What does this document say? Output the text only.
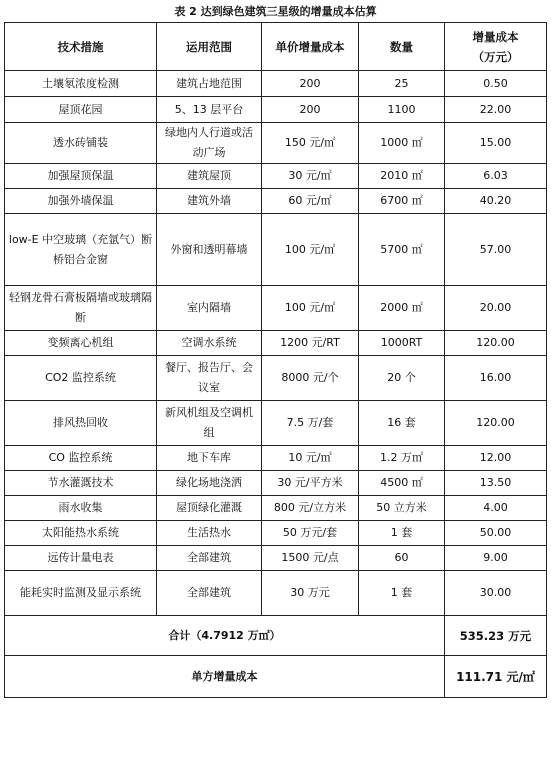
表 2 达到绿色建筑三星级的增量成本估算
技术措施	运用范围	单价增量成本	数量	增量成本
（万元）

土壤氡浓度检测	建筑占地范围	200	25	0.50
屋顶花园	5、13 层平台	200	1100	22.00
透水砖铺装	绿地内人行道或活动广场	150 元/㎡	1000 ㎡	15.00
加强屋顶保温	建筑屋顶	30 元/㎡	2010 ㎡	6.03
加强外墙保温	建筑外墙	60 元/㎡	6700 ㎡	40.20
low-E 中空玻璃（充氩气）断桥铝合金窗	外窗和透明幕墙	100 元/㎡	5700 ㎡	57.00
轻钢龙骨石膏板隔墙或玻璃隔断	室内隔墙	100 元/㎡	2000 ㎡	20.00
变频离心机组	空调水系统	1200 元/RT	1000RT	120.00
CO2 监控系统	餐厅、报告厅、会议室	8000 元/个	20 个	16.00
排风热回收	新风机组及空调机组	7.5 万/套	16 套	120.00
CO 监控系统	地下车库	10 元/㎡	1.2 万㎡	12.00
节水灌溉技术	绿化场地浇洒	30 元/平方米	4500 ㎡	13.50
雨水收集	屋顶绿化灌溉	800 元/立方米	50 立方米	4.00
太阳能热水系统	生活热水	50 万元/套	1 套	50.00
远传计量电表	全部建筑	1500 元/点	60	9.00
能耗实时监测及显示系统	全部建筑	30 万元	1 套	30.00
合计（4.7912 万㎡）				535.23 万元
单方增量成本				111.71 元/㎡
